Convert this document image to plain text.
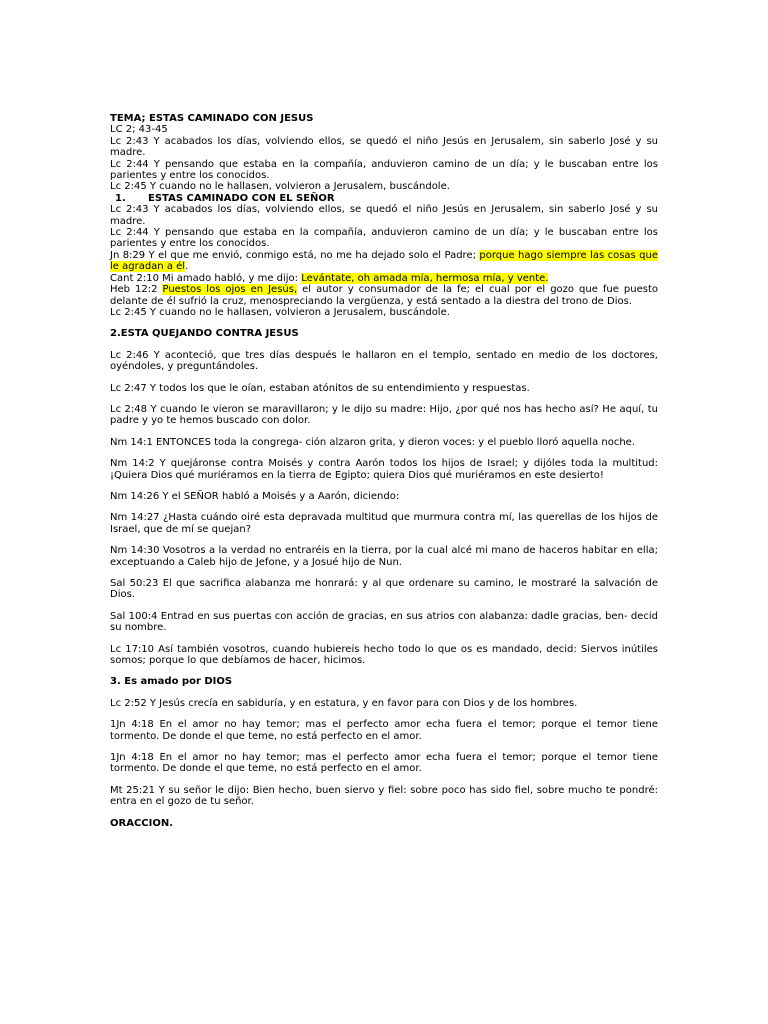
TEMA; ESTAS CAMINADO CON JESUS

LC 2; 43-45

Lc 2:43 Y acabados los días, volviendo ellos, se quedó el niño Jesús en Jerusalem, sin saberlo José y su madre.

Lc 2:44 Y pensando que estaba en la compañía, anduvieron camino de un día; y le buscaban entre los parientes y entre los conocidos.

Lc 2:45 Y cuando no le hallasen, volvieron a Jerusalem, buscándole.

1. ESTAS CAMINADO CON EL SEÑOR

Lc 2:43 Y acabados los días, volviendo ellos, se quedó el niño Jesús en Jerusalem, sin saberlo José y su madre.

Lc 2:44 Y pensando que estaba en la compañía, anduvieron camino de un día; y le buscaban entre los parientes y entre los conocidos.

Jn 8:29 Y el que me envió, conmigo está, no me ha dejado solo el Padre; porque hago siempre las cosas que le agradan a él.

Cant 2:10 Mi amado habló, y me dijo: Levántate, oh amada mía, hermosa mía, y vente.

Heb 12:2 Puestos los ojos en Jesús, el autor y consumador de la fe; el cual por el gozo que fue puesto delante de él sufrió la cruz, menospreciando la vergüenza, y está sentado a la diestra del trono de Dios.

Lc 2:45 Y cuando no le hallasen, volvieron a Jerusalem, buscándole.

2.ESTA QUEJANDO CONTRA JESUS

Lc 2:46 Y aconteció, que tres días después le hallaron en el templo, sentado en medio de los doctores, oyéndoles, y preguntándoles.

Lc 2:47 Y todos los que le oían, estaban atónitos de su entendimiento y respuestas.

Lc 2:48 Y cuando le vieron se maravillaron; y le dijo su madre: Hijo, ¿por qué nos has hecho así? He aquí, tu padre y yo te hemos buscado con dolor.

Nm 14:1 ENTONCES toda la congrega- ción alzaron grita, y dieron voces: y el pueblo lloró aquella noche.

Nm 14:2 Y quejáronse contra Moisés y contra Aarón todos los hijos de Israel; y dijóles toda la multitud: ¡Quiera Dios qué muriéramos en la tierra de Egipto; quiera Dios qué muriéramos en este desierto!

Nm 14:26 Y el SEÑOR habló a Moisés y a Aarón, diciendo:

Nm 14:27 ¿Hasta cuándo oiré esta depravada multitud que murmura contra mí, las querellas de los hijos de Israel, que de mí se quejan?

Nm 14:30 Vosotros a la verdad no entraréis en la tierra, por la cual alcé mi mano de haceros habitar en ella; exceptuando a Caleb hijo de Jefone, y a Josué hijo de Nun.

Sal 50:23 El que sacrifica alabanza me honrará: y al que ordenare su camino, le mostraré la salvación de Dios.

Sal 100:4 Entrad en sus puertas con acción de gracias, en sus atrios con alabanza: dadle gracias, ben- decid su nombre.

Lc 17:10 Así también vosotros, cuando hubiereis hecho todo lo que os es mandado, decid: Siervos inútiles somos; porque lo que debíamos de hacer, hicimos.

3. Es amado por DIOS

Lc 2:52 Y Jesús crecía en sabiduría, y en estatura, y en favor para con Dios y de los hombres.

1Jn 4:18 En el amor no hay temor; mas el perfecto amor echa fuera el temor; porque el temor tiene tormento. De donde el que teme, no está perfecto en el amor.

1Jn 4:18 En el amor no hay temor; mas el perfecto amor echa fuera el temor; porque el temor tiene tormento. De donde el que teme, no está perfecto en el amor.

Mt 25:21 Y su señor le dijo: Bien hecho, buen siervo y fiel: sobre poco has sido fiel, sobre mucho te pondré: entra en el gozo de tu señor.

ORACCION.
